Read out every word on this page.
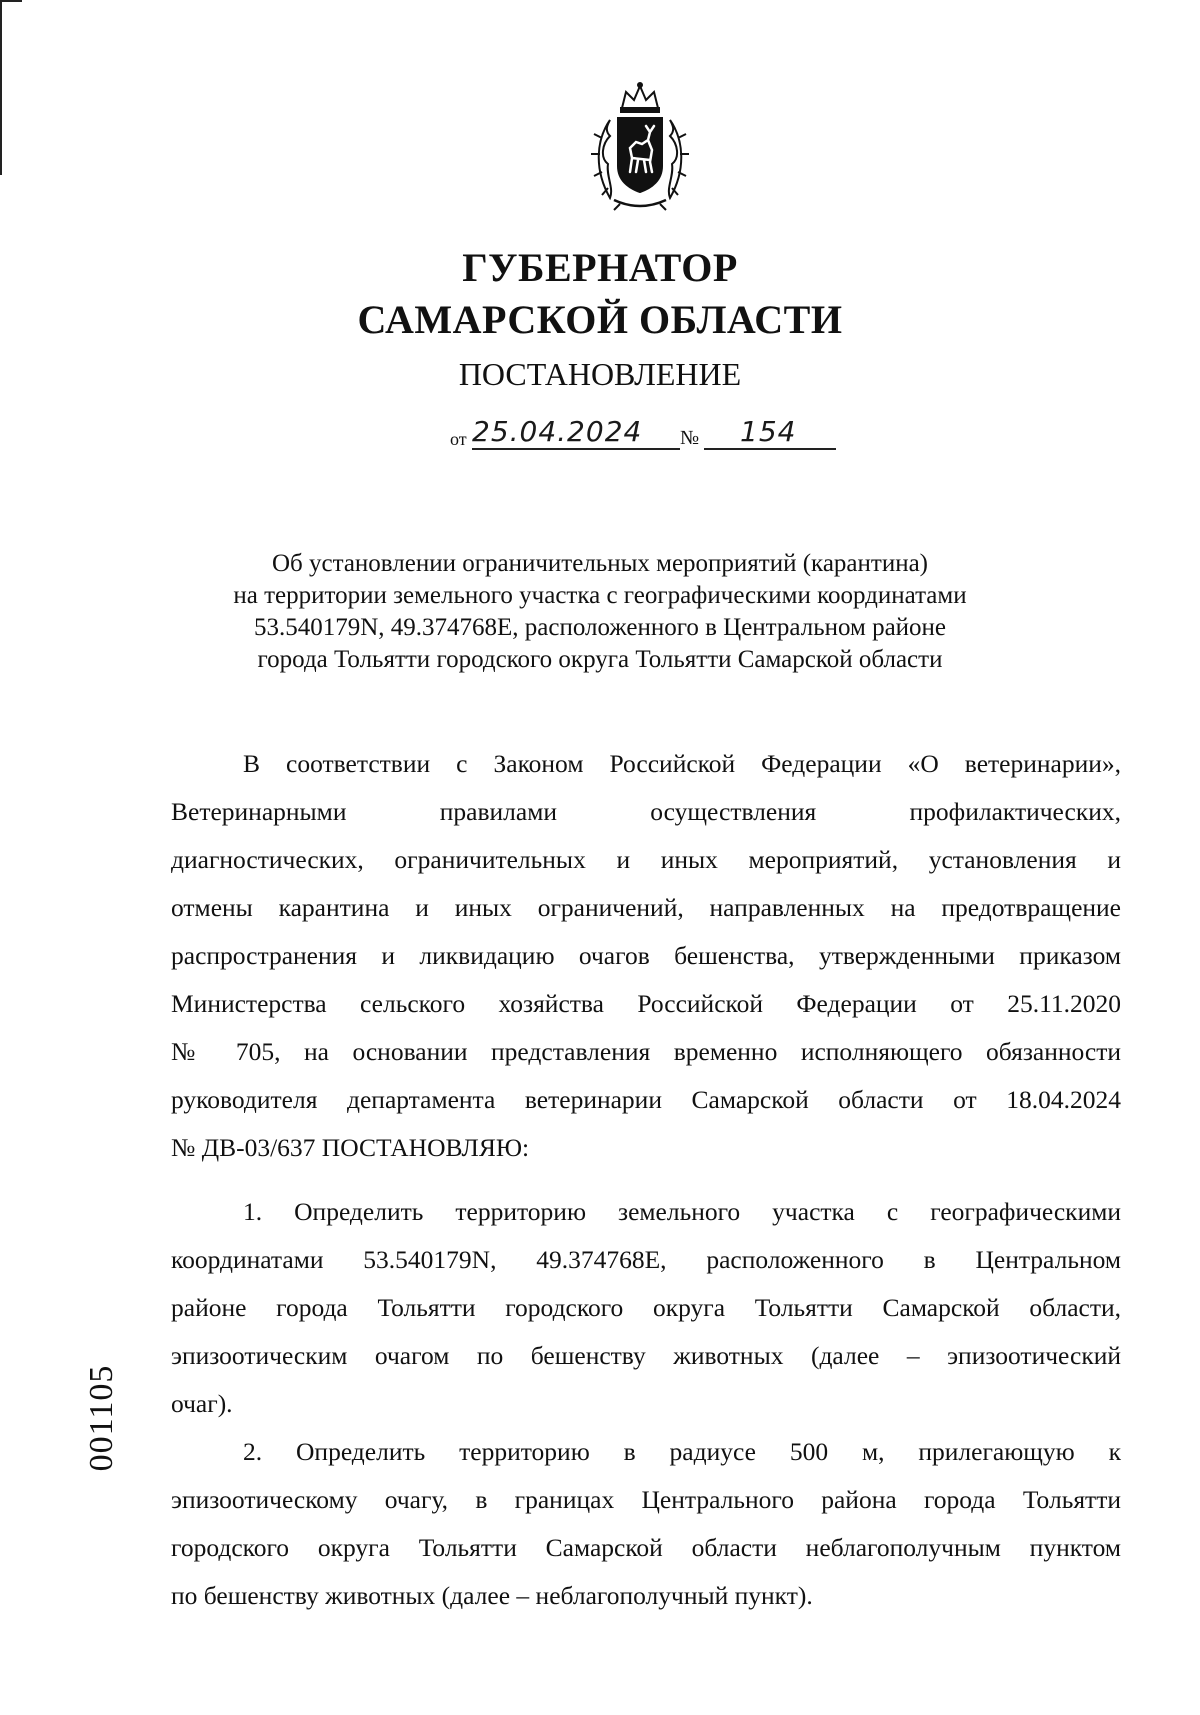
ГУБЕРНАТОР
САМАРСКОЙ ОБЛАСТИ
ПОСТАНОВЛЕНИЕ
от 25.04.2024 № 154
Об установлении ограничительных мероприятий (карантина)
на территории земельного участка с географическими координатами
53.540179N, 49.374768E, расположенного в Центральном районе
города Тольятти городского округа Тольятти Самарской области
В соответствии с Законом Российской Федерации «О ветеринарии»,
Ветеринарными правилами осуществления профилактических,
диагностических, ограничительных и иных мероприятий, установления и
отмены карантина и иных ограничений, направленных на предотвращение
распространения и ликвидацию очагов бешенства, утвержденными приказом
Министерства сельского хозяйства Российской Федерации от 25.11.2020
№ 705, на основании представления временно исполняющего обязанности
руководителя департамента ветеринарии Самарской области от 18.04.2024
№ ДВ-03/637 ПОСТАНОВЛЯЮ:
1. Определить территорию земельного участка с географическими
координатами 53.540179N, 49.374768E, расположенного в Центральном
районе города Тольятти городского округа Тольятти Самарской области,
эпизоотическим очагом по бешенству животных (далее – эпизоотический
очаг).
2. Определить территорию в радиусе 500 м, прилегающую к
эпизоотическому очагу, в границах Центрального района города Тольятти
городского округа Тольятти Самарской области неблагополучным пунктом
по бешенству животных (далее – неблагополучный пункт).
001105
